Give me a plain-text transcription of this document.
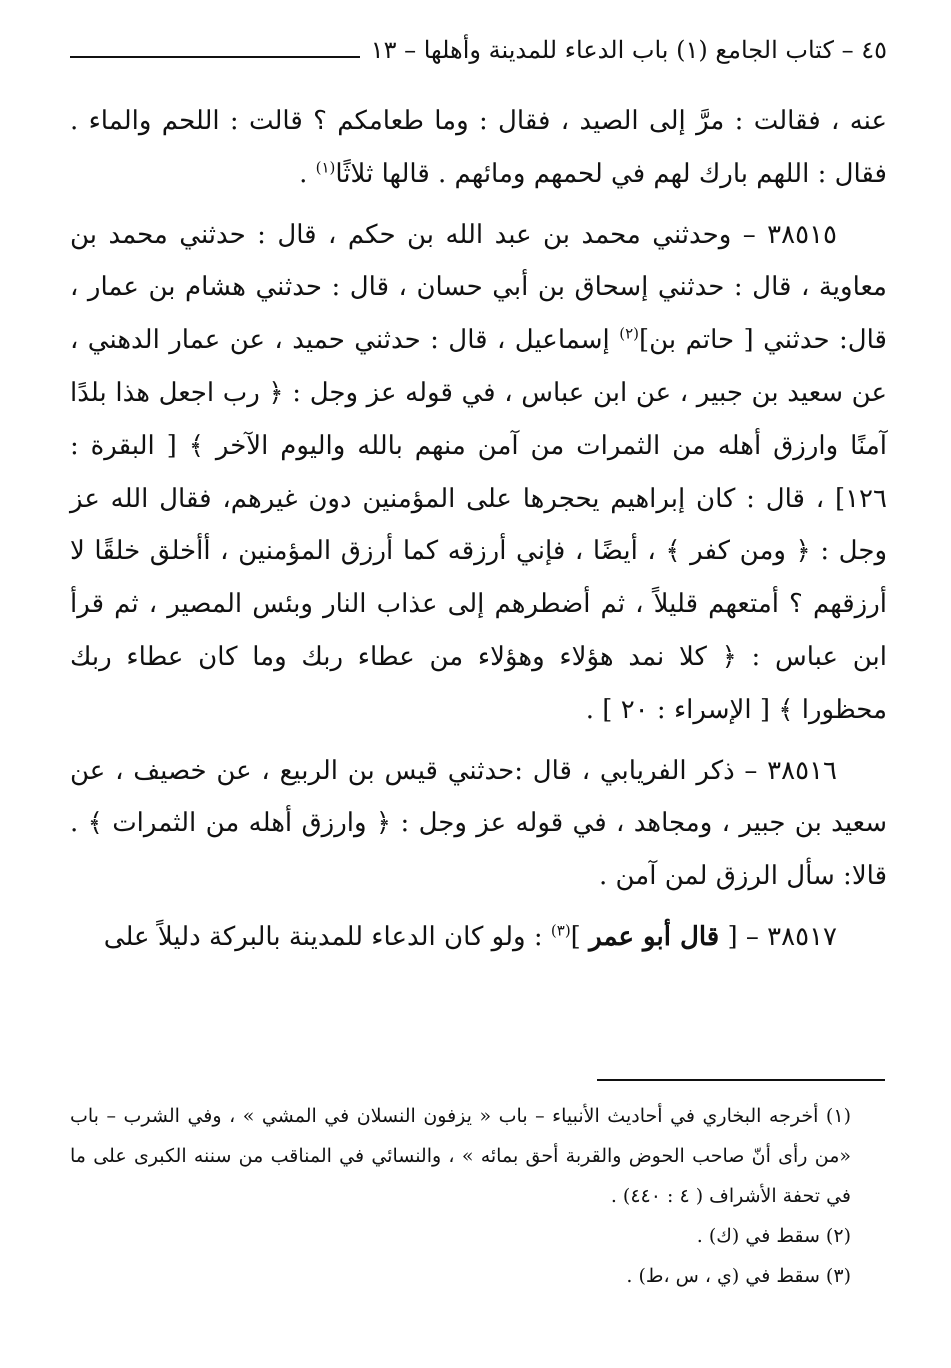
٤٥ – كتاب الجامع (١) باب الدعاء للمدينة وأهلها – ١٣

عنه ، فقالت : مرَّ إلى الصيد ، فقال : وما طعامكم ؟ قالت : اللحم والماء . فقال : اللهم بارك لهم في لحمهم ومائهم . قالها ثلاثًا$^{(١)}$ .

٣٨٥١٥ – وحدثني محمد بن عبد الله بن حكم ، قال : حدثني محمد بن معاوية ، قال : حدثني إسحاق بن أبي حسان ، قال : حدثني هشام بن عمار ، قال: حدثني [ حاتم بن]$^{(٢)}$ إسماعيل ، قال : حدثني حميد ، عن عمار الدهني ، عن سعيد بن جبير ، عن ابن عباس ، في قوله عز وجل : ﴿ رب اجعل هذا بلدًا آمنًا وارزق أهله من الثمرات من آمن منهم بالله واليوم الآخر ﴾ [ البقرة : ١٢٦] ، قال : كان إبراهيم يحجرها على المؤمنين دون غيرهم، فقال الله عز وجل : ﴿ ومن كفر ﴾ ، أيضًا ، فإني أرزقه كما أرزق المؤمنين ، أأخلق خلقًا لا أرزقهم ؟ أمتعهم قليلاً ، ثم أضطرهم إلى عذاب النار وبئس المصير ، ثم قرأ ابن عباس : ﴿ كلا نمد هؤلاء وهؤلاء من عطاء ربك وما كان عطاء ربك محظورا ﴾ [ الإسراء : ٢٠ ] .

٣٨٥١٦ – ذكر الفريابي ، قال :حدثني قيس بن الربيع ، عن خصيف ، عن سعيد بن جبير ، ومجاهد ، في قوله عز وجل : ﴿ وارزق أهله من الثمرات ﴾ . قالا: سأل الرزق لمن آمن .

٣٨٥١٧ – [ قال أبو عمر ]$^{(٣)}$ : ولو كان الدعاء للمدينة بالبركة دليلاً على

(١) أخرجه البخاري في أحاديث الأنبياء – باب « يزفون النسلان في المشي » ، وفي الشرب – باب «من رأى أنّ صاحب الحوض والقربة أحق بمائه » ، والنسائي في المناقب من سننه الكبرى على ما في تحفة الأشراف ( ٤ : ٤٤٠) .

(٢) سقط في (ك) .

(٣) سقط في (ي ، س ،ط) .
